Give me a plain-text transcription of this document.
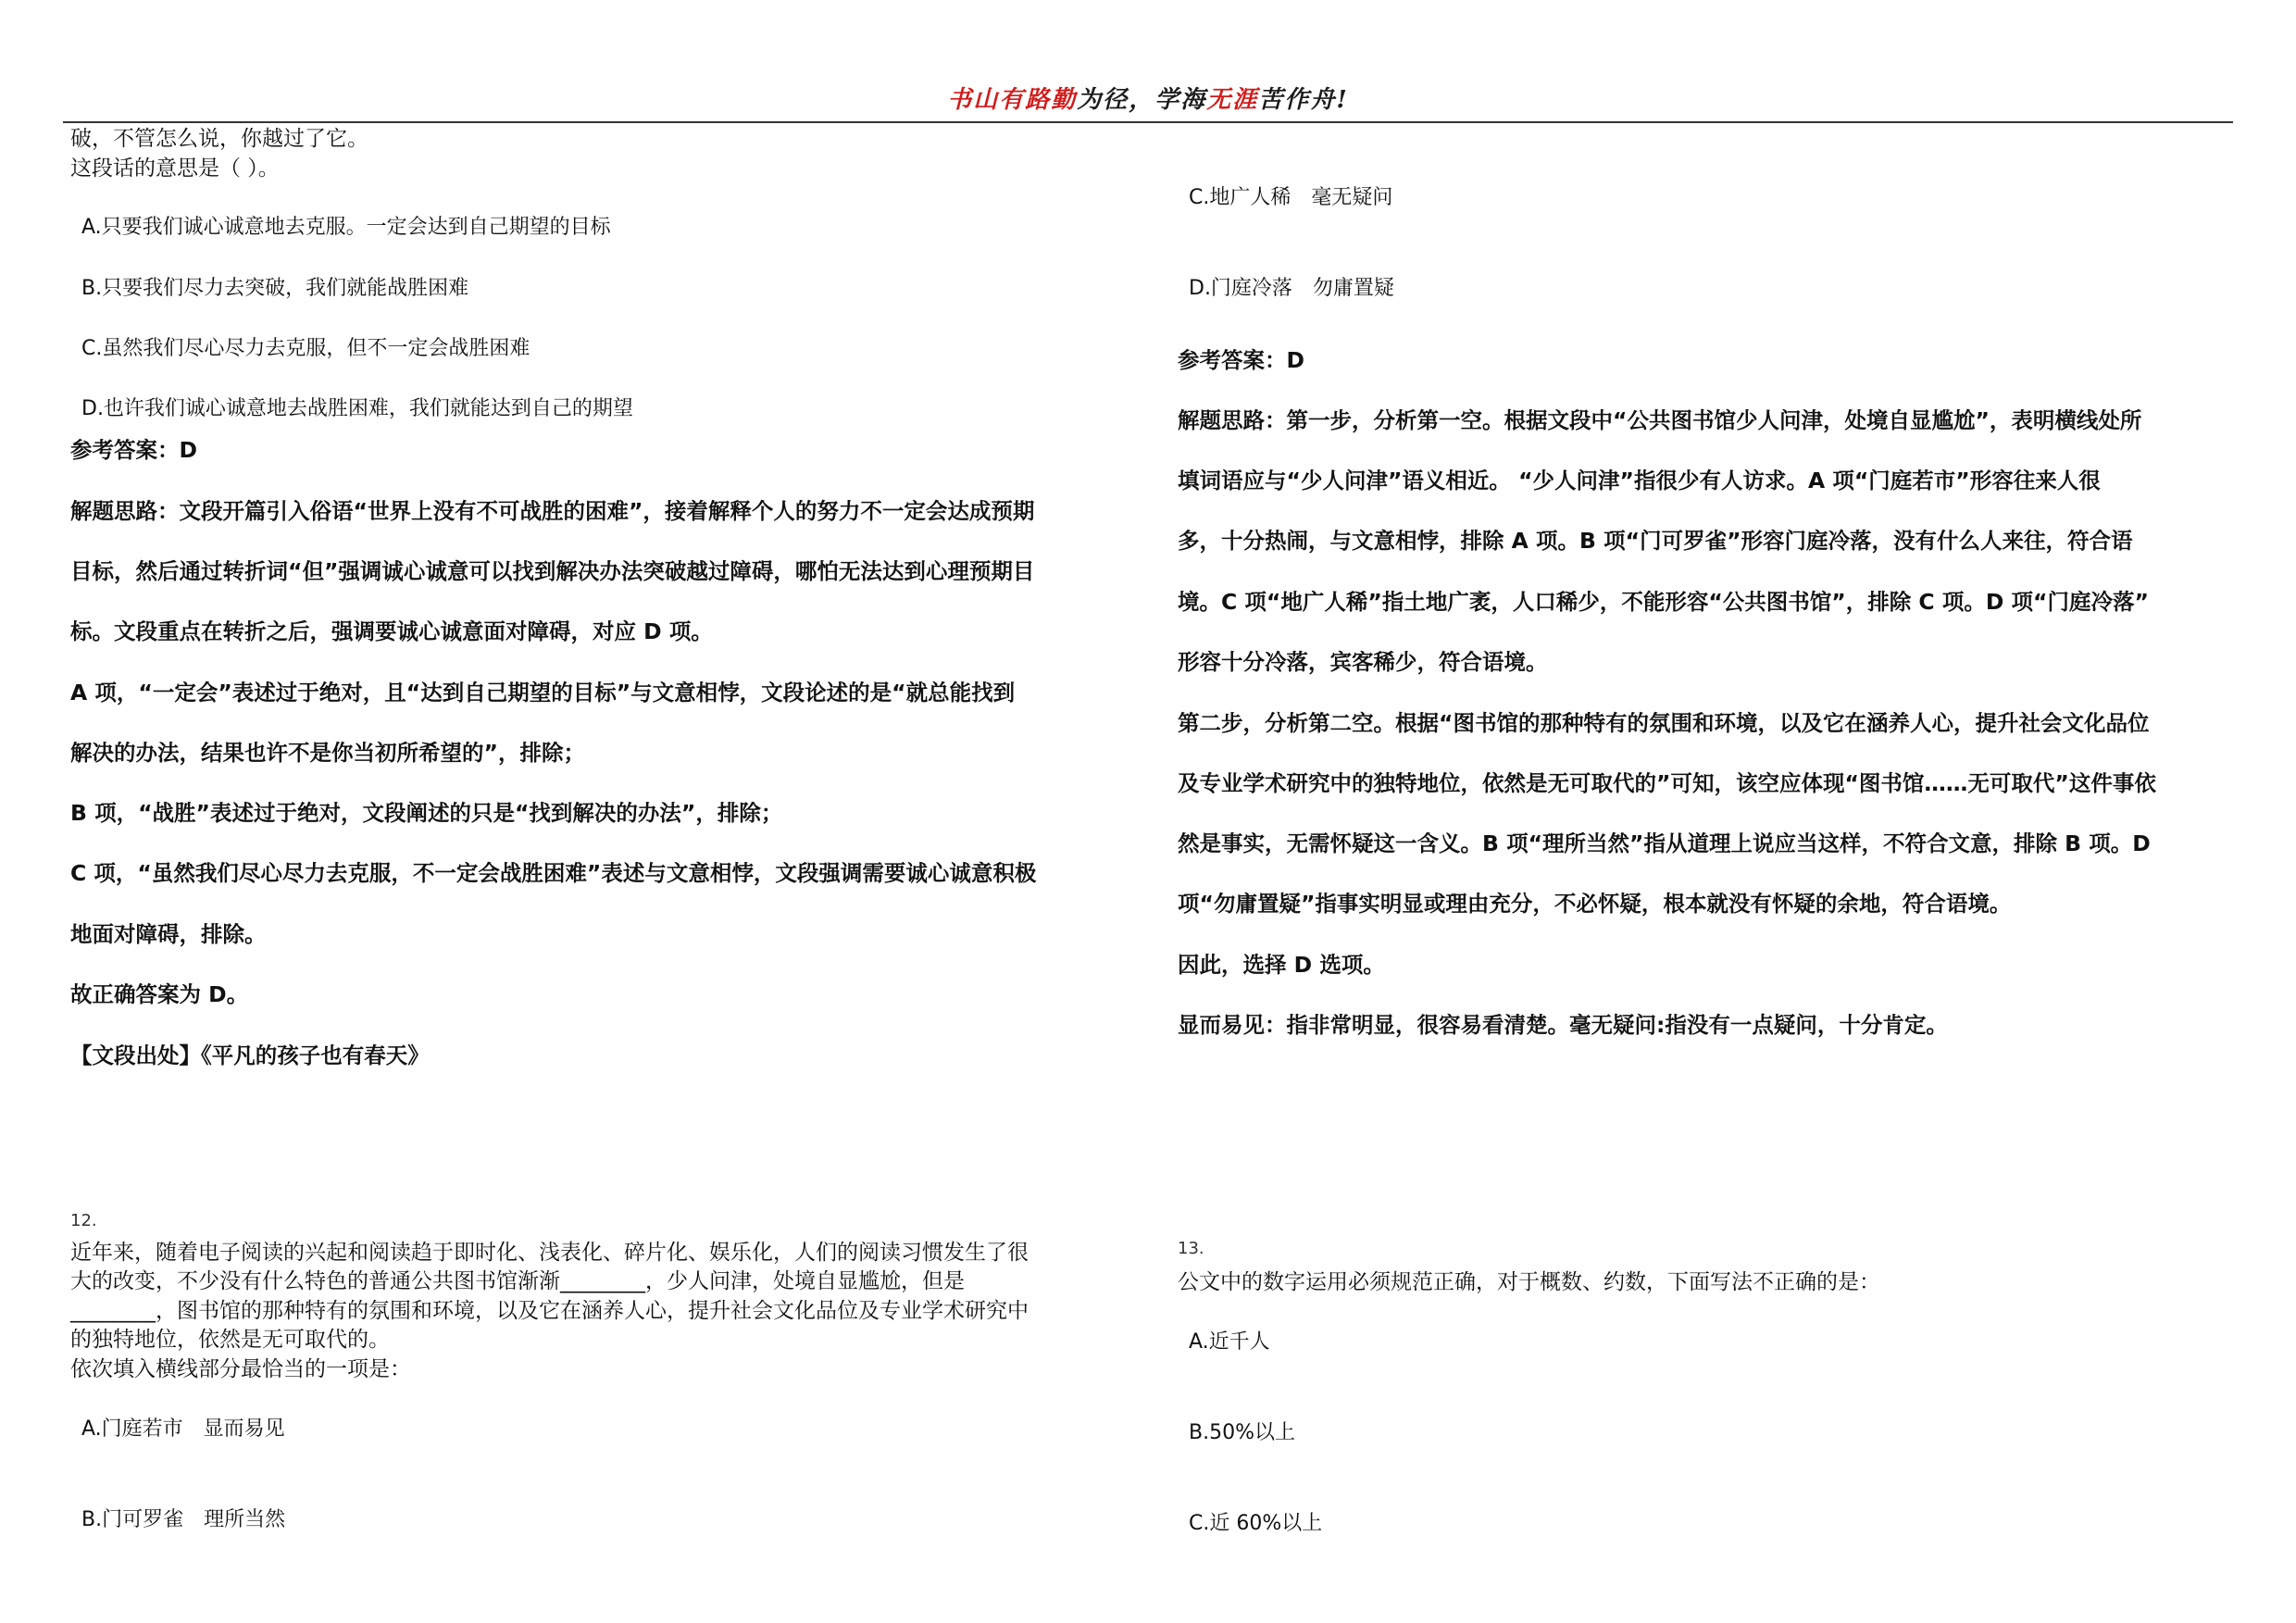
书山有路勤为径，学海无涯苦作舟!
破，不管怎么说，你越过了它。
这段话的意思是（ ）。
A.只要我们诚心诚意地去克服。一定会达到自己期望的目标
B.只要我们尽力去突破，我们就能战胜困难
C.虽然我们尽心尽力去克服，但不一定会战胜困难
D.也许我们诚心诚意地去战胜困难，我们就能达到自己的期望
参考答案：D
解题思路：文段开篇引入俗语“世界上没有不可战胜的困难”，接着解释个人的努力不一定会达成预期
目标，然后通过转折词“但”强调诚心诚意可以找到解决办法突破越过障碍，哪怕无法达到心理预期目
标。文段重点在转折之后，强调要诚心诚意面对障碍，对应 D 项。
A 项，“一定会”表述过于绝对，且“达到自己期望的目标”与文意相悖，文段论述的是“就总能找到
解决的办法，结果也许不是你当初所希望的”，排除；
B 项，“战胜”表述过于绝对，文段阐述的只是“找到解决的办法”，排除；
C 项，“虽然我们尽心尽力去克服，不一定会战胜困难”表述与文意相悖，文段强调需要诚心诚意积极
地面对障碍，排除。
故正确答案为 D。
【文段出处】《平凡的孩子也有春天》
12.
近年来，随着电子阅读的兴起和阅读趋于即时化、浅表化、碎片化、娱乐化，人们的阅读习惯发生了很
大的改变，不少没有什么特色的普通公共图书馆渐渐________，少人问津，处境自显尴尬，但是
________，图书馆的那种特有的氛围和环境，以及它在涵养人心，提升社会文化品位及专业学术研究中
的独特地位，依然是无可取代的。
依次填入横线部分最恰当的一项是：
A.门庭若市　显而易见
B.门可罗雀　理所当然
C.地广人稀　毫无疑问
D.门庭冷落　勿庸置疑
参考答案：D
解题思路：第一步，分析第一空。根据文段中“公共图书馆少人问津，处境自显尴尬”，表明横线处所
填词语应与“少人问津”语义相近。 “少人问津”指很少有人访求。A 项“门庭若市”形容往来人很
多，十分热闹，与文意相悖，排除 A 项。B 项“门可罗雀”形容门庭冷落，没有什么人来往，符合语
境。C 项“地广人稀”指土地广袤，人口稀少，不能形容“公共图书馆”，排除 C 项。D 项“门庭冷落”
形容十分冷落，宾客稀少，符合语境。
第二步，分析第二空。根据“图书馆的那种特有的氛围和环境，以及它在涵养人心，提升社会文化品位
及专业学术研究中的独特地位，依然是无可取代的”可知，该空应体现“图书馆……无可取代”这件事依
然是事实，无需怀疑这一含义。B 项“理所当然”指从道理上说应当这样，不符合文意，排除 B 项。D
项“勿庸置疑”指事实明显或理由充分，不必怀疑，根本就没有怀疑的余地，符合语境。
因此，选择 D 选项。
显而易见：指非常明显，很容易看清楚。毫无疑问:指没有一点疑问，十分肯定。
13.
公文中的数字运用必须规范正确，对于概数、约数，下面写法不正确的是：
A.近千人
B.50%以上
C.近 60%以上
